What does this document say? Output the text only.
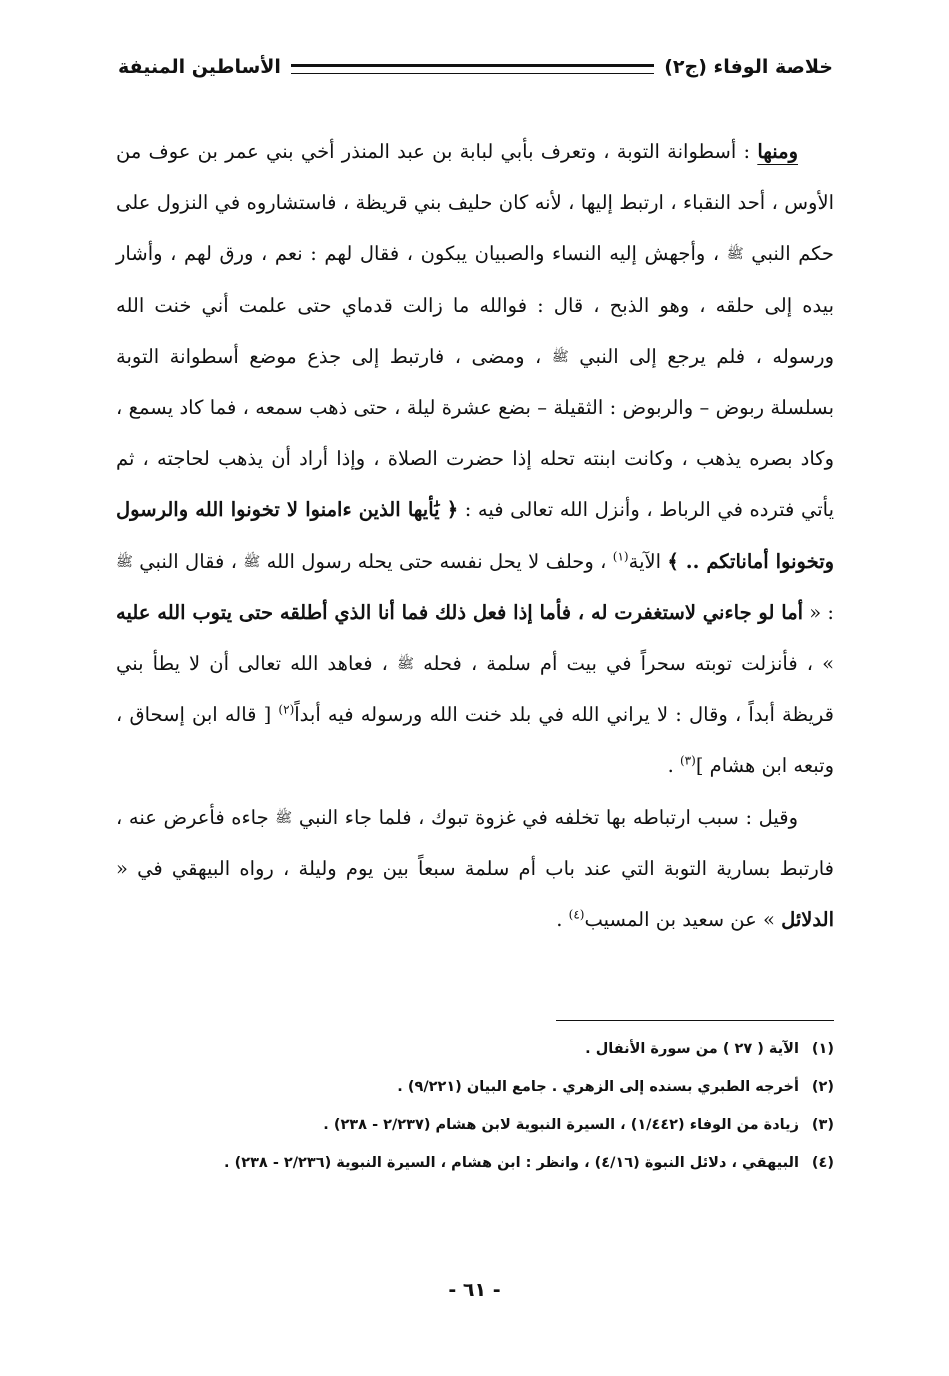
خلاصة الوفاء (ج٢)
الأساطين المنيفة

ومنها : أسطوانة التوبة ، وتعرف بأبي لبابة بن عبد المنذر أخي بني عمر بن عوف من الأوس ، أحد النقباء ، ارتبط إليها ، لأنه كان حليف بني قريظة ، فاستشاروه في النزول على حكم النبي ﷺ ، وأجهش إليه النساء والصبيان يبكون ، فقال لهم : نعم ، ورق لهم ، وأشار بيده إلى حلقه ، وهو الذبح ، قال : فوالله ما زالت قدماي حتى علمت أني خنت الله ورسوله ، فلم يرجع إلى النبي ﷺ ، ومضى ، فارتبط إلى جذع موضع أسطوانة التوبة بسلسلة ربوض – والربوض : الثقيلة – بضع عشرة ليلة ، حتى ذهب سمعه ، فما كاد يسمع ، وكاد بصره يذهب ، وكانت ابنته تحله إذا حضرت الصلاة ، وإذا أراد أن يذهب لحاجته ، ثم يأتي فترده في الرباط ، وأنزل الله تعالى فيه : ﴿ يَٰأيها الذين ءامنوا لا تخونوا الله والرسول وتخونوا أماناتكم .. ﴾ الآية$^{(١)}$ ، وحلف لا يحل نفسه حتى يحله رسول الله ﷺ ، فقال النبي ﷺ : « أما لو جاءني لاستغفرت له ، فأما إذا فعل ذلك فما أنا الذي أطلقه حتى يتوب الله عليه » ، فأنزلت توبته سحراً في بيت أم سلمة ، فحله ﷺ ، فعاهد الله تعالى أن لا يطأ بني قريظة أبداً ، وقال : لا يراني الله في بلد خنت الله ورسوله فيه أبداً$^{(٢)}$ [ قاله ابن إسحاق ، وتبعه ابن هشام ]$^{(٣)}$ .

وقيل : سبب ارتباطه بها تخلفه في غزوة تبوك ، فلما جاء النبي ﷺ جاءه فأعرض عنه ، فارتبط بسارية التوبة التي عند باب أم سلمة سبعاً بين يوم وليلة ، رواه البيهقي في « الدلائل » عن سعيد بن المسيب$^{(٤)}$ .

(١) الآية ( ٢٧ ) من سورة الأنفال .
(٢) أخرجه الطبري بسنده إلى الزهري . جامع البيان (٩/٢٢١) .
(٣) زيادة من الوفاء (١/٤٤٢) ، السيرة النبوية لابن هشام (٢/٢٣٧ - ٢٣٨) .
(٤) البيهقي ، دلائل النبوة (٤/١٦) ، وانظر : ابن هشام ، السيرة النبوية (٢/٢٣٦ - ٢٣٨) .
- ٦١ -
